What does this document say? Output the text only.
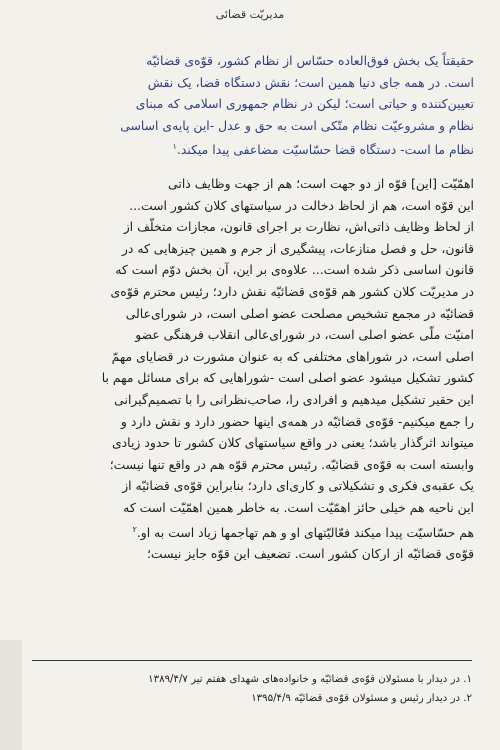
مدیریّت قضائی

حقیقتاً یک بخش فوق‌العاده حسّاس از نظام کشور، قوّه‌ی قضائیّه
است. در همه جای دنیا همین است؛ نقش دستگاه قضا، یک نقش
تعیین‌کننده و حیاتی است؛ لیکن در نظام جمهوری اسلامی که مبنای
نظام و مشروعیّت نظام متّکی است به حق و عدل -این پایه‌ی اساسی
نظام ما است- دستگاه قضا حسّاسیّت مضاعفی پیدا میکند.$^۱$

اهمّیّت [این] قوّه از دو جهت است؛ هم از جهت وظایف ذاتی
این قوّه است، هم از لحاظ دخالت در سیاستهای کلان کشور است...
از لحاظ وظایف ذاتی‌اش، نظارت بر اجرای قانون، مجازات متخلّف از
قانون، حل و فصل منازعات، پیشگیری از جرم و همین چیزهایی که در
قانون اساسی ذکر شده است... علاوه‌ی بر این، آن بخش دوّم است که
در مدیریّت کلان کشور هم قوّه‌ی قضائیّه نقش دارد؛ رئیس محترم قوّه‌ی
قضائیّه در مجمع تشخیص مصلحت عضو اصلی است، در شورای‌عالی
امنیّت ملّی عضو اصلی است، در شورای‌عالی انقلاب فرهنگی عضو
اصلی است، در شوراهای مختلفی که به عنوان مشورت در قضایای مهمّ
کشور تشکیل میشود عضو اصلی است -شوراهایی که برای مسائل مهم با
این حقیر تشکیل میدهیم و افرادی را، صاحب‌نظرانی را با تصمیم‌گیرانی
را جمع میکنیم- قوّه‌ی قضائیّه در همه‌ی اینها حضور دارد و نقش دارد و
میتواند اثرگذار باشد؛ یعنی در واقع سیاستهای کلان کشور تا حدود زیادی
وابسته است به قوّه‌ی قضائیّه. رئیس محترم قوّه هم در واقع تنها نیست؛
یک عقبه‌ی فکری و تشکیلاتی و کاری‌ای دارد؛ بنابراین قوّه‌ی قضائیّه از
این ناحیه هم خیلی حائز اهمّیّت است. به خاطر همین اهمّیّت است که
هم حسّاسیّت پیدا میکند فعّالیّتهای او و هم تهاجمها زیاد است به او.$^۲$
قوّه‌ی قضائیّه از ارکان کشور است. تضعیف این قوّه جایز نیست؛

۱. در دیدار با مسئولان قوّه‌ی قضائیّه و خانواده‌های شهدای هفتم تیر ۱۳۸۹/۴/۷
۲. در دیدار رئیس و مسئولان قوّه‌ی قضائیّه ۱۳۹۵/۴/۹
